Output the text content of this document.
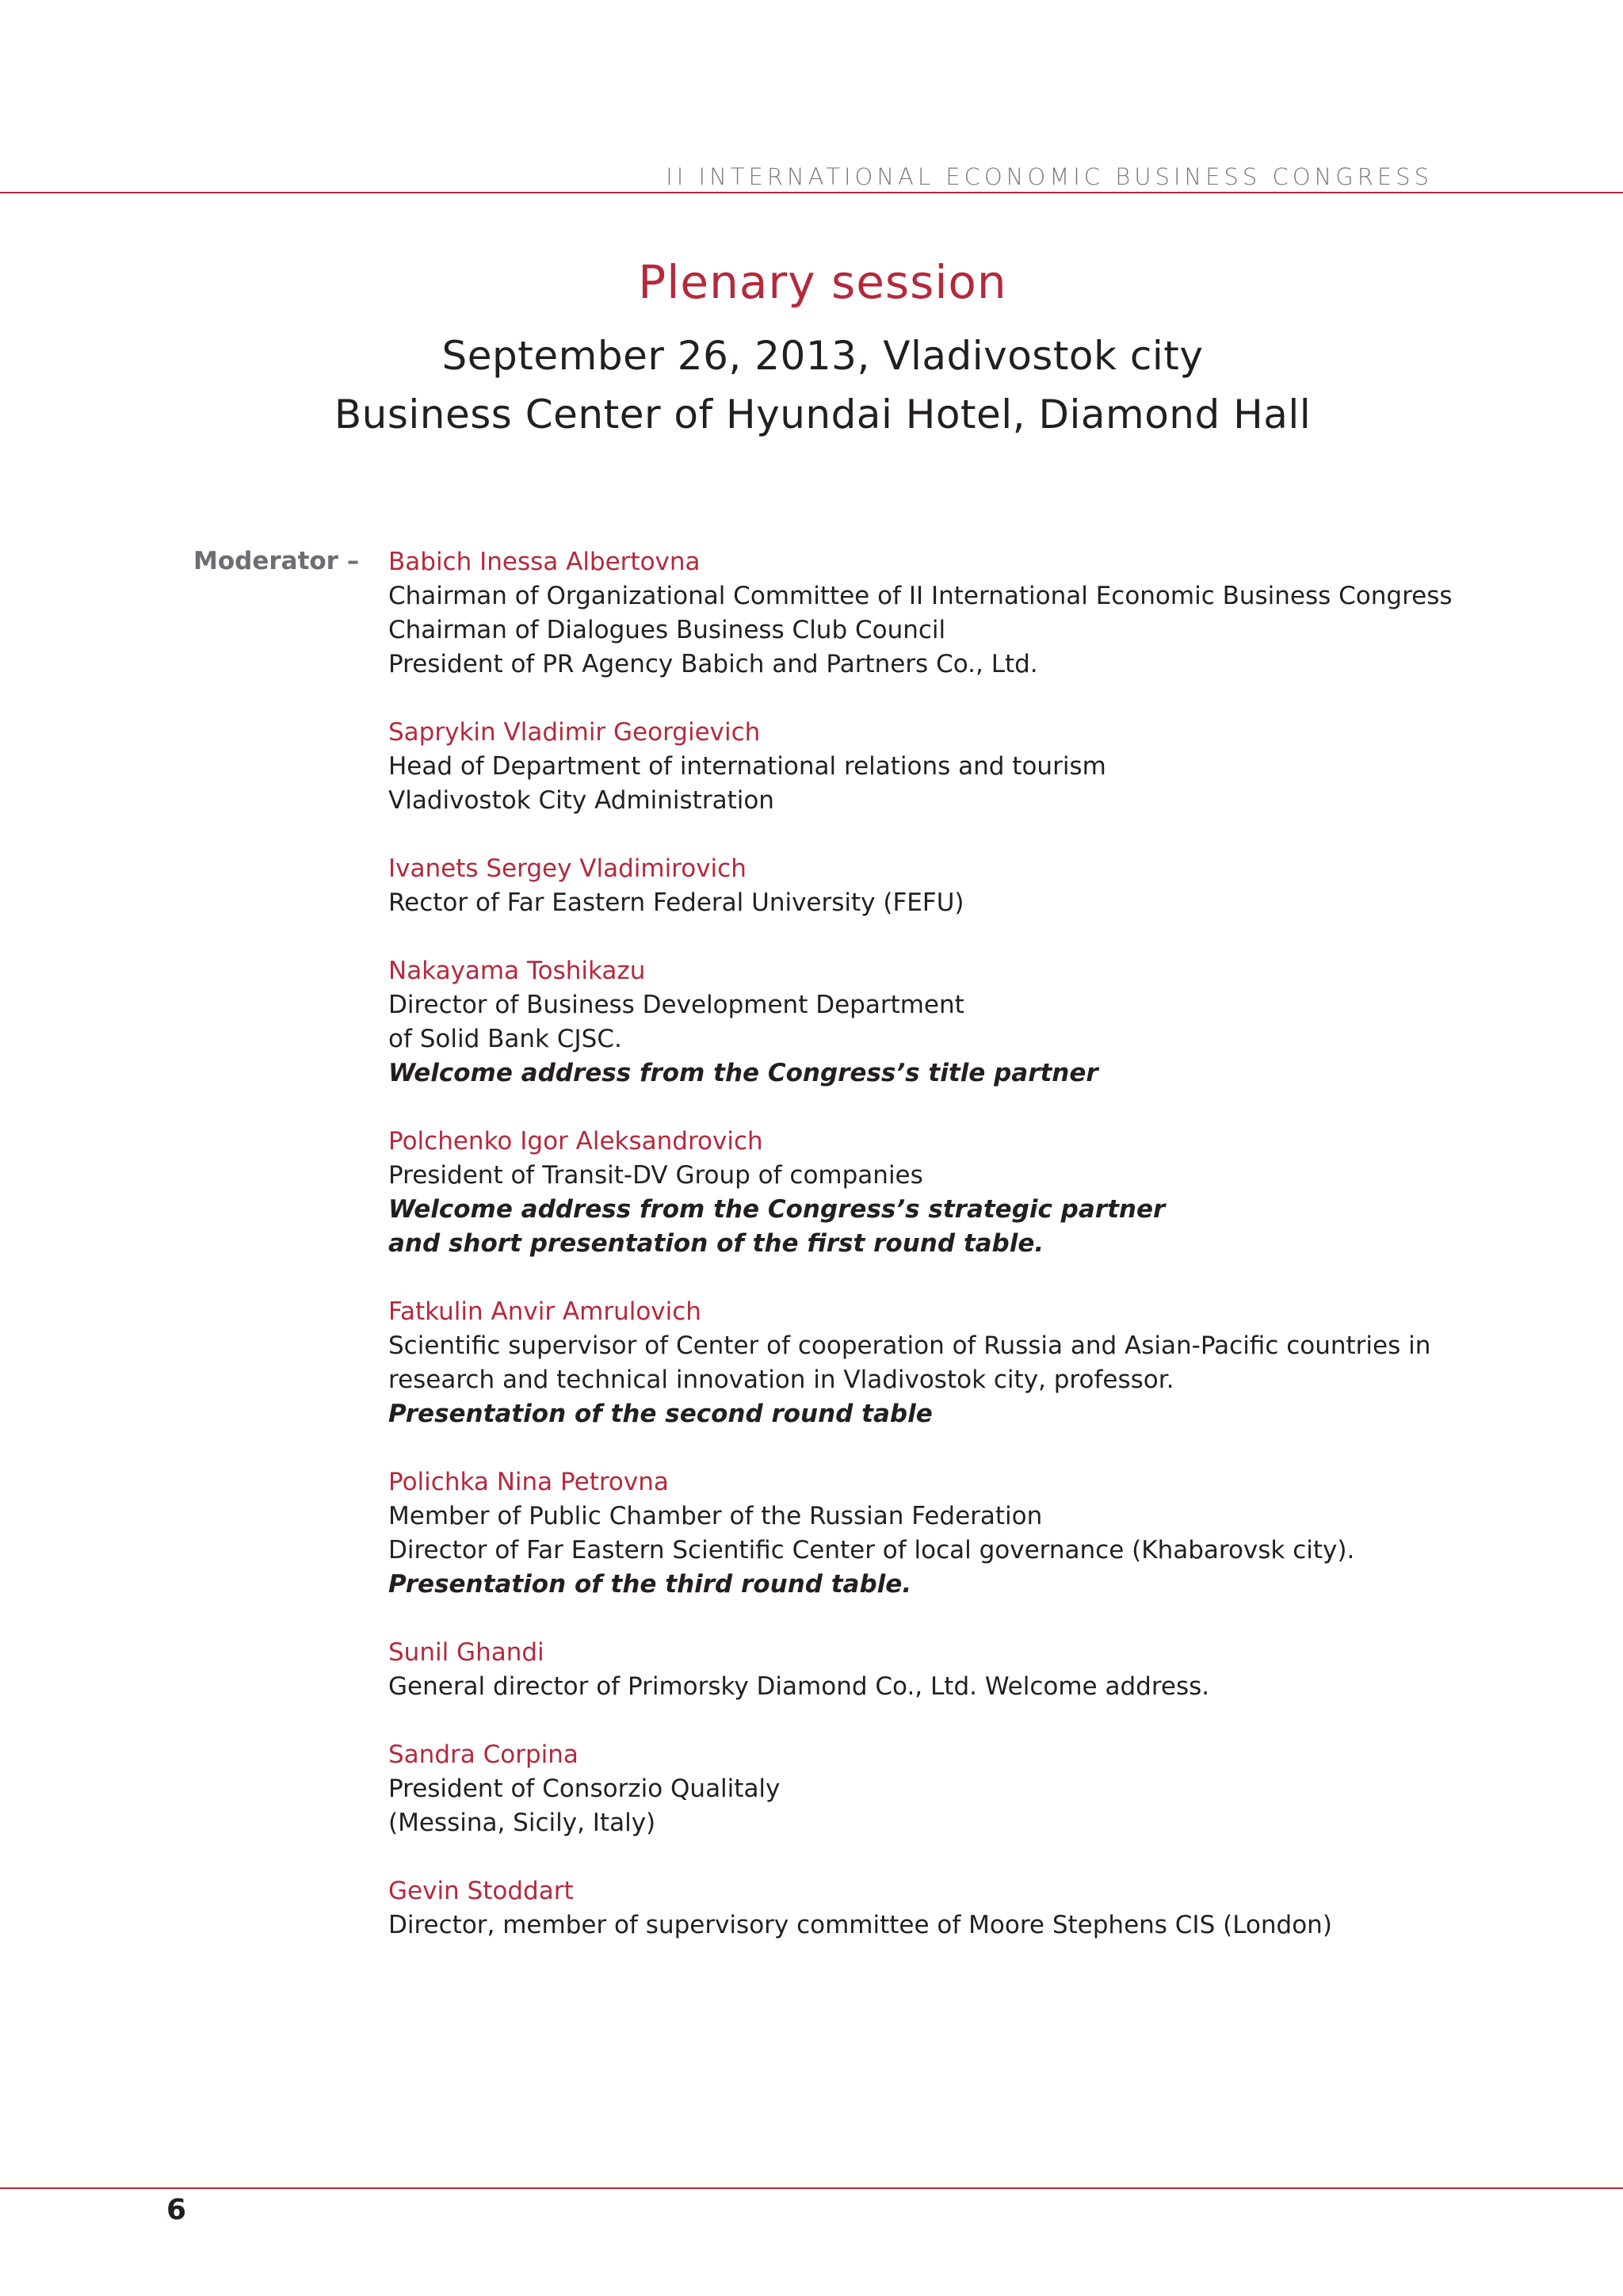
II INTERNATIONAL ECONOMIC BUSINESS CONGRESS
Plenary session
September 26, 2013, Vladivostok city
Business Center of Hyundai Hotel, Diamond Hall
Moderator – Babich Inessa Albertovna
Chairman of Organizational Committee of II International Economic Business Congress
Chairman of Dialogues Business Club Council
President of PR Agency Babich and Partners Co., Ltd.
Saprykin Vladimir Georgievich
Head of Department of international relations and tourism
Vladivostok City Administration
Ivanets Sergey Vladimirovich
Rector of Far Eastern Federal University (FEFU)
Nakayama Toshikazu
Director of Business Development Department
of Solid Bank CJSC.
Welcome address from the Congress’s title partner
Polchenko Igor Aleksandrovich
President of Transit-DV Group of companies
Welcome address from the Congress’s strategic partner
and short presentation of the first round table.
Fatkulin Anvir Amrulovich
Scientific supervisor of Center of cooperation of Russia and Asian-Pacific countries in
research and technical innovation in Vladivostok city, professor.
Presentation of the second round table
Polichka Nina Petrovna
Member of Public Chamber of the Russian Federation
Director of Far Eastern Scientific Center of local governance (Khabarovsk city).
Presentation of the third round table.
Sunil Ghandi
General director of Primorsky Diamond Co., Ltd. Welcome address.
Sandra Corpina
President of Consorzio Qualitaly
(Messina, Sicily, Italy)
Gevin Stoddart
Director, member of supervisory committee of Moore Stephens CIS (London)
6
